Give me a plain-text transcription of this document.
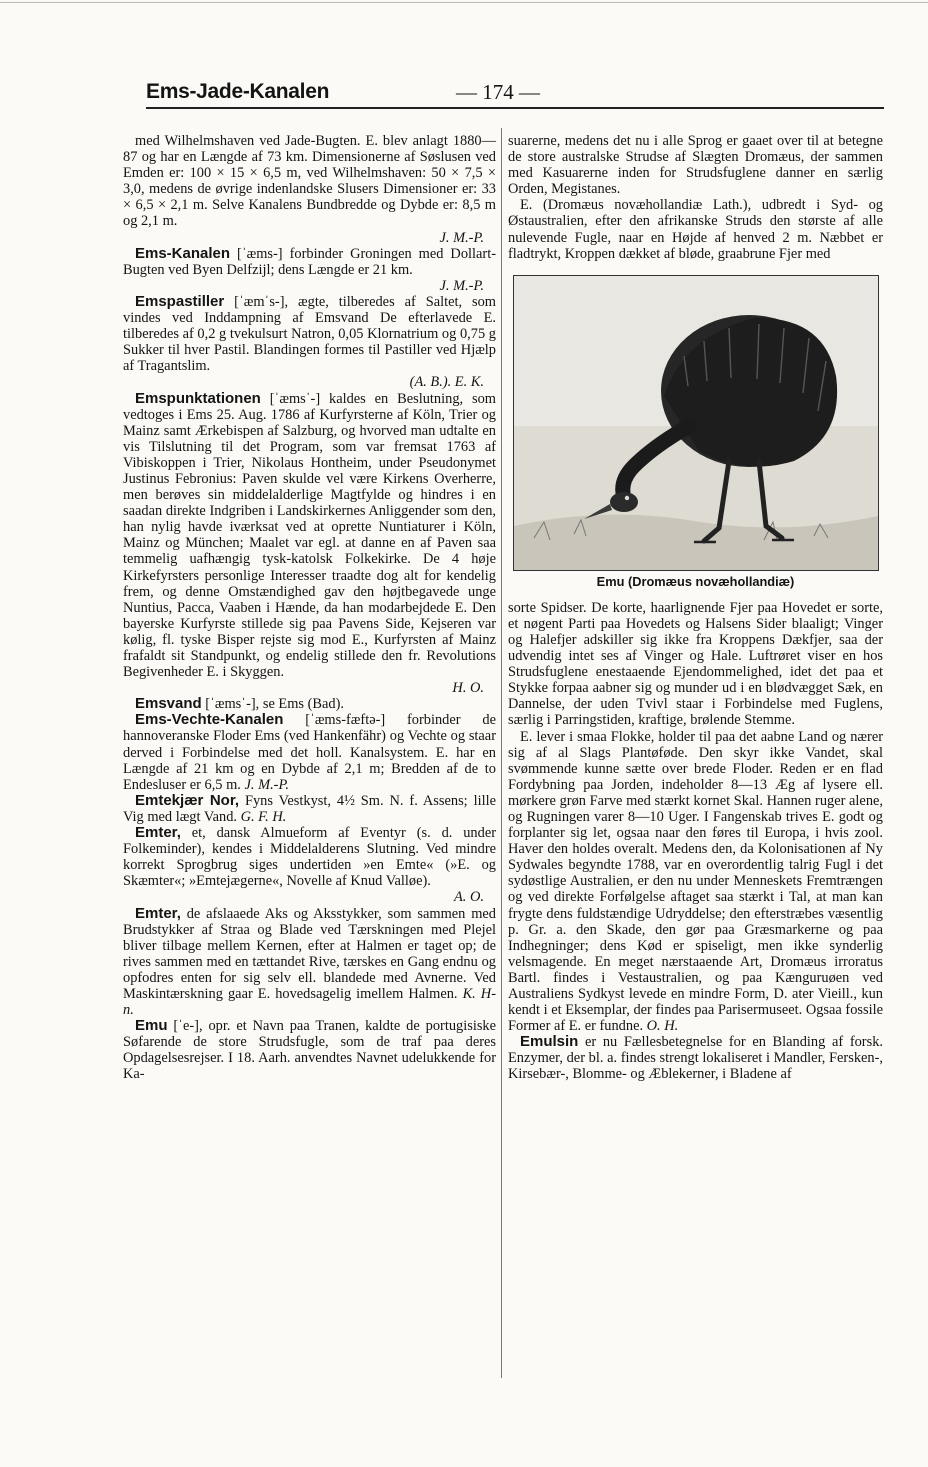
Ems-Jade-Kanalen	— 174 —

med Wilhelmshaven ved Jade-Bugten. E. blev anlagt 1880—87 og har en Længde af 73 km. Dimensionerne af Søslusen ved Emden er: 100 × 15 × 6,5 m, ved Wilhelmshaven: 50 × 7,5 × 3,0, medens de øvrige indenlandske Slusers Dimensioner er: 33 × 6,5 × 2,1 m. Selve Kanalens Bundbredde og Dybde er: 8,5 m og 2,1 m.
J. M.-P.

Ems-Kanalen [ˈæms-] forbinder Groningen med Dollart-Bugten ved Byen Delfzijl; dens Længde er 21 km.
J. M.-P.

Emspastiller [ˈæmˈs-], ægte, tilberedes af Saltet, som vindes ved Inddampning af Emsvand De efterlavede E. tilberedes af 0,2 g tvekulsurt Natron, 0,05 Klornatrium og 0,75 g Sukker til hver Pastil. Blandingen formes til Pastiller ved Hjælp af Tragantslim.
(A. B.). E. K.

Emspunktationen [ˈæmsˈ-] kaldes en Beslutning, som vedtoges i Ems 25. Aug. 1786 af Kurfyrsterne af Köln, Trier og Mainz samt Ærkebispen af Salzburg, og hvorved man udtalte en vis Tilslutning til det Program, som var fremsat 1763 af Vibiskoppen i Trier, Nikolaus Hontheim, under Pseudonymet Justinus Febronius: Paven skulde vel være Kirkens Overherre, men berøves sin middelalderlige Magtfylde og hindres i en saadan direkte Indgriben i Landskirkernes Anliggender som den, han nylig havde iværksat ved at oprette Nuntiaturer i Köln, Mainz og München; Maalet var egl. at danne en af Paven saa temmelig uafhængig tysk-katolsk Folkekirke. De 4 høje Kirkefyrsters personlige Interesser traadte dog alt for kendelig frem, og denne Omstændighed gav den højtbegavede unge Nuntius, Pacca, Vaaben i Hænde, da han modarbejdede E. Den bayerske Kurfyrste stillede sig paa Pavens Side, Kejseren var kølig, fl. tyske Bisper rejste sig mod E., Kurfyrsten af Mainz frafaldt sit Standpunkt, og endelig stillede den fr. Revolutions Begivenheder E. i Skyggen.
H. O.

Emsvand [ˈæmsˈ-], se Ems (Bad).

Ems-Vechte-Kanalen [ˈæms-fæftə-] forbinder de hannoveranske Floder Ems (ved Hankenfähr) og Vechte og staar derved i Forbindelse med det holl. Kanalsystem. E. har en Længde af 21 km og en Dybde af 2,1 m; Bredden af de to Endesluser er 6,5 m. J. M.-P.

Emtekjær Nor, Fyns Vestkyst, 4½ Sm. N. f. Assens; lille Vig med lægt Vand. G. F. H.

Emter, et, dansk Almueform af Eventyr (s. d. under Folkeminder), kendes i Middelalderens Slutning. Ved mindre korrekt Sprogbrug siges undertiden »en Emte« (»E. og Skæmter«; »Emtejægerne«, Novelle af Knud Valløe).
A. O.

Emter, de afslaaede Aks og Aksstykker, som sammen med Brudstykker af Straa og Blade ved Tærskningen med Plejel bliver tilbage mellem Kernen, efter at Halmen er taget op; de rives sammen med en tættandet Rive, tærskes en Gang endnu og opfodres enten for sig selv ell. blandede med Avnerne. Ved Maskintærskning gaar E. hovedsagelig imellem Halmen. K. H-n.

Emu [ˈe-], opr. et Navn paa Tranen, kaldte de portugisiske Søfarende de store Strudsfugle, som de traf paa deres Opdagelsesrejser. I 18. Aarh. anvendtes Navnet udelukkende for Ka-

suarerne, medens det nu i alle Sprog er gaaet over til at betegne de store australske Strudse af Slægten Dromæus, der sammen med Kasuarerne inden for Strudsfuglene danner en særlig Orden, Megistanes.

E. (Dromæus novæhollandiæ Lath.), udbredt i Syd- og Østaustralien, efter den afrikanske Struds den største af alle nulevende Fugle, naar en Højde af henved 2 m. Næbbet er fladtrykt, Kroppen dækket af bløde, graabrune Fjer med

Emu (Dromæus novæhollandiæ)

sorte Spidser. De korte, haarlignende Fjer paa Hovedet er sorte, et nøgent Parti paa Hovedets og Halsens Sider blaaligt; Vinger og Halefjer adskiller sig ikke fra Kroppens Dækfjer, saa der udvendig intet ses af Vinger og Hale. Luftrøret viser en hos Strudsfuglene enestaaende Ejendommelighed, idet det paa et Stykke forpaa aabner sig og munder ud i en blødvægget Sæk, en Dannelse, der uden Tvivl staar i Forbindelse med Fuglens, særlig i Parringstiden, kraftige, brølende Stemme.

E. lever i smaa Flokke, holder til paa det aabne Land og nærer sig af al Slags Plantøføde. Den skyr ikke Vandet, skal svømmende kunne sætte over brede Floder. Reden er en flad Fordybning paa Jorden, indeholder 8—13 Æg af lysere ell. mørkere grøn Farve med stærkt kornet Skal. Hannen ruger alene, og Rugningen varer 8—10 Uger. I Fangenskab trives E. godt og forplanter sig let, ogsaa naar den føres til Europa, i hvis zool. Haver den holdes overalt. Medens den, da Kolonisationen af Ny Sydwales begyndte 1788, var en overordentlig talrig Fugl i det sydøstlige Australien, er den nu under Menneskets Fremtrængen og ved direkte Forfølgelse aftaget saa stærkt i Tal, at man kan frygte dens fuldstændige Udryddelse; den efterstræbes væsentlig p. Gr. a. den Skade, den gør paa Græsmarkerne og paa Indhegninger; dens Kød er spiseligt, men ikke synderlig velsmagende. En meget nærstaaende Art, Dromæus irroratus Bartl. findes i Vestaustralien, og paa Kænguruøen ved Australiens Sydkyst levede en mindre Form, D. ater Vieill., kun kendt i et Eksemplar, der findes paa Parisermuseet. Ogsaa fossile Former af E. er fundne. O. H.

Emulsin er nu Fællesbetegnelse for en Blanding af forsk. Enzymer, der bl. a. findes strengt lokaliseret i Mandler, Fersken-, Kirsebær-, Blomme- og Æblekerner, i Bladene af
